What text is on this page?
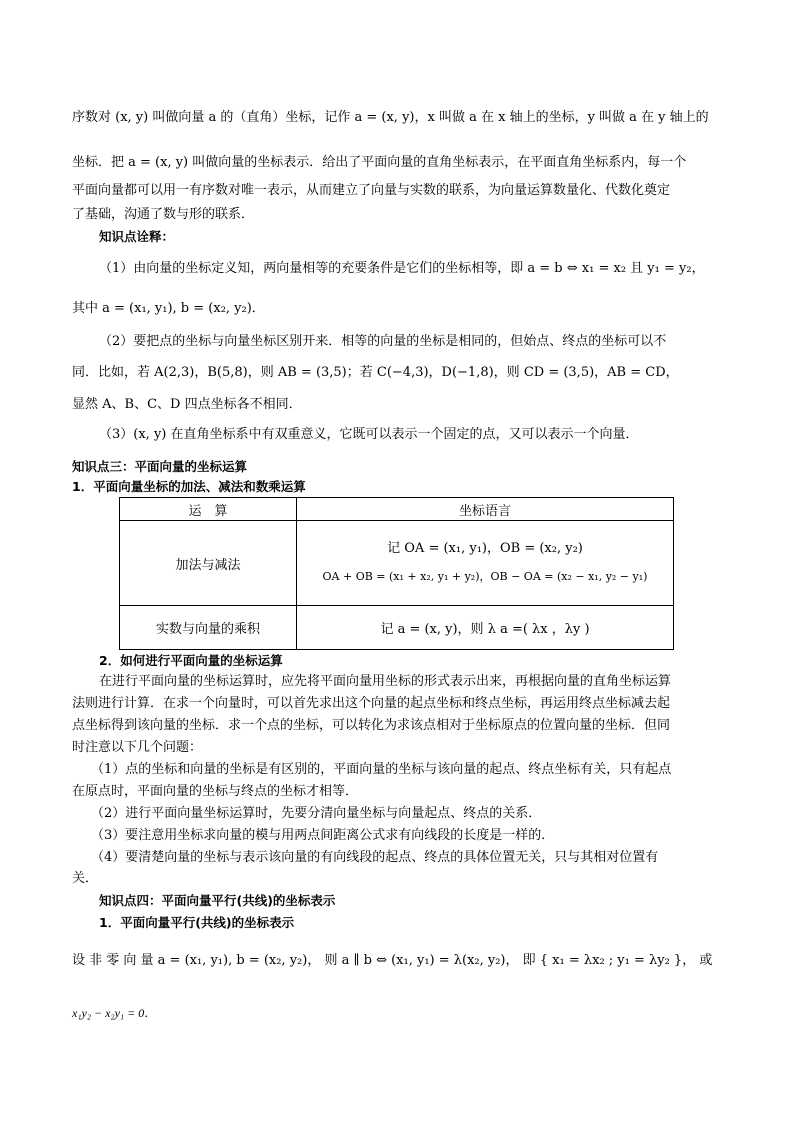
序数对 (x, y) 叫做向量 a 的（直角）坐标，记作 a = (x, y)，x 叫做 a 在 x 轴上的坐标，y 叫做 a 在 y 轴上的
坐标．把 a = (x, y) 叫做向量的坐标表示．给出了平面向量的直角坐标表示，在平面直角坐标系内，每一个
平面向量都可以用一有序数对唯一表示，从而建立了向量与实数的联系，为向量运算数量化、代数化奠定
了基础，沟通了数与形的联系．
知识点诠释：
（1）由向量的坐标定义知，两向量相等的充要条件是它们的坐标相等，即 a = b ⇔ x₁ = x₂ 且 y₁ = y₂，
其中 a = (x₁, y₁), b = (x₂, y₂)．
（2）要把点的坐标与向量坐标区别开来．相等的向量的坐标是相同的，但始点、终点的坐标可以不
同．比如，若 A(2,3)，B(5,8)，则 AB = (3,5)；若 C(−4,3)，D(−1,8)，则 CD = (3,5)，AB = CD，
显然 A、B、C、D 四点坐标各不相同．
（3）(x, y) 在直角坐标系中有双重意义，它既可以表示一个固定的点，又可以表示一个向量．
知识点三：平面向量的坐标运算
1．平面向量坐标的加法、减法和数乘运算
运　算	坐标语言
加法与减法	记 OA = (x₁, y₁)，OB = (x₂, y₂)
OA + OB = (x₁ + x₂, y₁ + y₂)，OB − OA = (x₂ − x₁, y₂ − y₁)

实数与向量的乘积	记 a = (x, y)，则 λ a =( λx ，λy )
2．如何进行平面向量的坐标运算
在进行平面向量的坐标运算时，应先将平面向量用坐标的形式表示出来，再根据向量的直角坐标运算
法则进行计算．在求一个向量时，可以首先求出这个向量的起点坐标和终点坐标，再运用终点坐标减去起
点坐标得到该向量的坐标．求一个点的坐标，可以转化为求该点相对于坐标原点的位置向量的坐标．但同
时注意以下几个问题：
（1）点的坐标和向量的坐标是有区别的，平面向量的坐标与该向量的起点、终点坐标有关，只有起点
在原点时，平面向量的坐标与终点的坐标才相等．
（2）进行平面向量坐标运算时，先要分清向量坐标与向量起点、终点的关系．
（3）要注意用坐标求向量的模与用两点间距离公式求有向线段的长度是一样的．
（4）要清楚向量的坐标与表示该向量的有向线段的起点、终点的具体位置无关，只与其相对位置有
关．
知识点四：平面向量平行(共线)的坐标表示
1．平面向量平行(共线)的坐标表示
设 非 零 向 量 a = (x₁, y₁), b = (x₂, y₂)， 则 a ∥ b ⇔ (x₁, y₁) = λ(x₂, y₂)， 即 { x₁ = λx₂ ; y₁ = λy₂ }， 或
x₁y₂ − x₂y₁ = 0．
